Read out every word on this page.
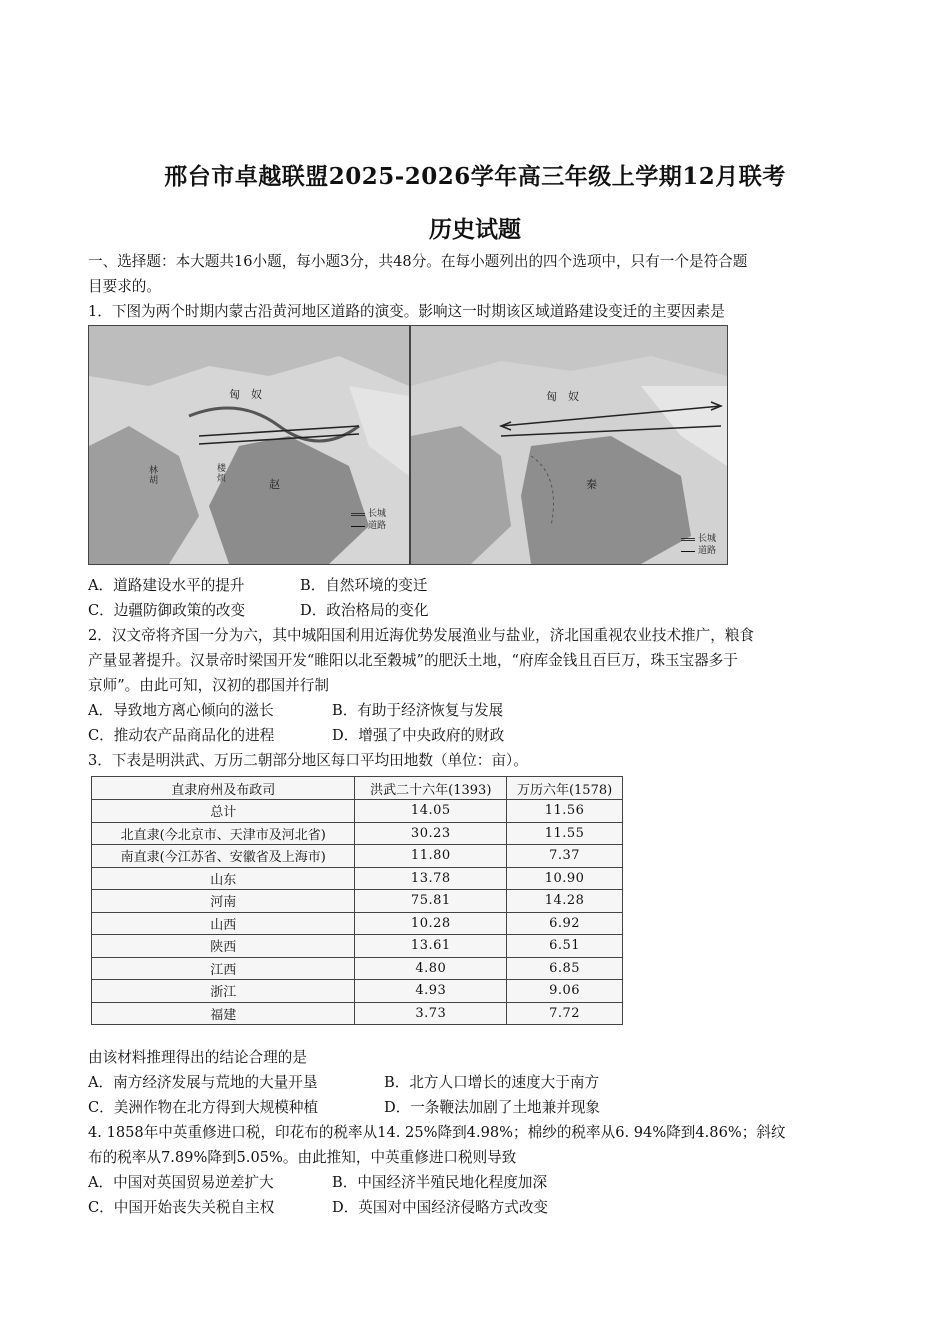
邢台市卓越联盟2025-2026学年高三年级上学期12月联考
历史试题
一、选择题：本大题共16小题，每小题3分，共48分。在每小题列出的四个选项中，只有一个是符合题
目要求的。
1．下图为两个时期内蒙古沿黄河地区道路的演变。影响这一时期该区域道路建设变迁的主要因素是
匈　奴
林胡
楼烦	赵
长城
道路
匈　奴
秦
长城
道路
A．道路建设水平的提升	B．自然环境的变迁
C．边疆防御政策的改变	D．政治格局的变化
2．汉文帝将齐国一分为六，其中城阳国利用近海优势发展渔业与盐业，济北国重视农业技术推广，粮食
产量显著提升。汉景帝时梁国开发“睢阳以北至穀城”的肥沃土地，“府库金钱且百巨万，珠玉宝器多于
京师”。由此可知，汉初的郡国并行制
A．导致地方离心倾向的滋长	B．有助于经济恢复与发展
C．推动农产品商品化的进程	D．增强了中央政府的财政
3．下表是明洪武、万历二朝部分地区每口平均田地数（单位：亩）。
直隶府州及布政司	洪武二十六年(1393)	万历六年(1578)
总计	14.05	11.56
北直隶(今北京市、天津市及河北省)	30.23	11.55
南直隶(今江苏省、安徽省及上海市)	11.80	7.37
山东	13.78	10.90
河南	75.81	14.28
山西	10.28	6.92
陕西	13.61	6.51
江西	4.80	6.85
浙江	4.93	9.06
福建	3.73	7.72
由该材料推理得出的结论合理的是
A．南方经济发展与荒地的大量开垦	B．北方人口增长的速度大于南方
C．美洲作物在北方得到大规模种植	D．一条鞭法加剧了土地兼并现象
4. 1858年中英重修进口税，印花布的税率从14. 25%降到4.98%；棉纱的税率从6. 94%降到4.86%；斜纹
布的税率从7.89%降到5.05%。由此推知，中英重修进口税则导致
A．中国对英国贸易逆差扩大	B．中国经济半殖民地化程度加深
C．中国开始丧失关税自主权	D．英国对中国经济侵略方式改变
